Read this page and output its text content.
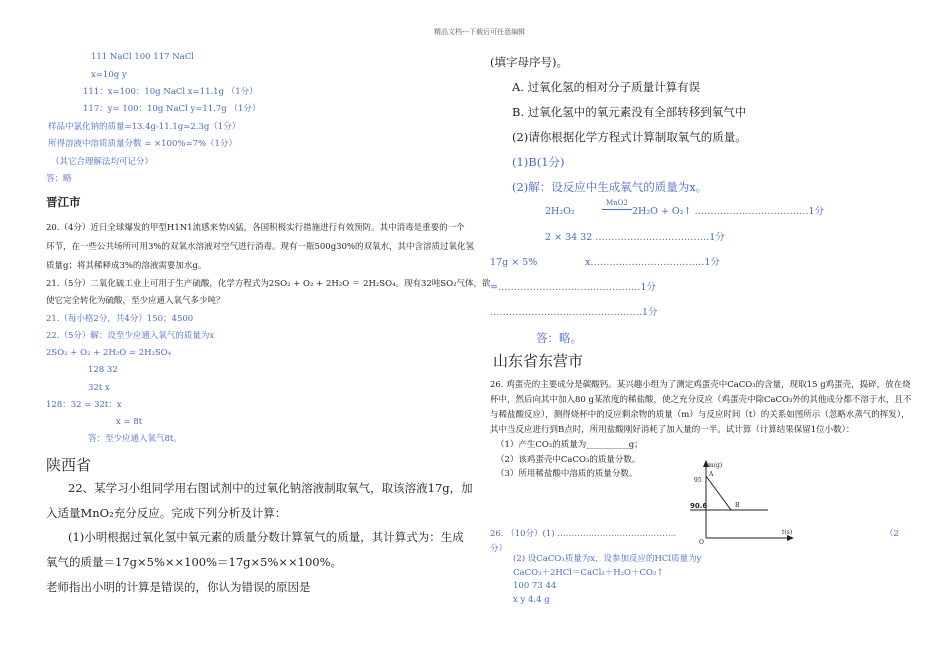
精品文档---下载后可任意编辑
111 NaCl 100 117 NaCl
x=10g y
111：x=100：10g NaCl x=11.1g （1分）
117：y= 100：10g NaCl y=11.7g （1分）
样品中氯化钠的质量=13.4g-11.1g=2.3g（1分）
所得溶液中溶质质量分数 = ×100%=7%（1分）
（其它合理解法均可记分）
答：略
晋江市
20.（4分）近日全球爆发的甲型H1N1流感来势凶猛，各国积极实行措施进行有效预防。其中消毒是重要的一个
环节，在一些公共场所可用3%的双氧水溶液对空气进行消毒。现有一瓶500g30%的双氧水，其中含溶质过氧化氢
质量g；将其稀释成3%的溶液需要加水g。
21.（5分）二氧化硫工业上可用于生产硫酸，化学方程式为2SO₂ + O₂ + 2H₂O ＝ 2H₂SO₄。现有32吨SO₂气体，欲
使它完全转化为硫酸，至少应通入氧气多少吨？
21.（每小格2分，共4分）150；4500
22.（5分）解：设至少应通入氧气的质量为x
2SO₂ + O₂ + 2H₂O = 2H₂SO₄
128 32
32t x
128：32 = 32t：x
x = 8t
答：至少应通入氧气8t。
陕西省
22、某学习小组同学用右图试剂中的过氧化钠溶液制取氧气，取该溶液17g，加
入适量MnO₂充分反应。完成下列分析及计算：
(1)小明根据过氧化氢中氧元素的质量分数计算氧气的质量，其计算式为：生成
氧气的质量＝17g×5%××100%＝17g×5%××100%。
老师指出小明的计算是错误的，你认为错误的原因是
(填字母序号)。
A. 过氧化氢的相对分子质量计算有误
B. 过氧化氢中的氧元素没有全部转移到氧气中
(2)请你根据化学方程式计算制取氧气的质量。
(1)B(1分)
(2)解：设反应中生成氧气的质量为x。
MnO2
2H₂O₂	2H₂O + O₂↑ ………………………………1分
2 × 34 32 ………………………………1分
17g × 5%	x………………………………1分
=………………………………………1分
…………………………………………1分
答：略。
山东省东营市
26. 鸡蛋壳的主要成分是碳酸钙。某兴趣小组为了测定鸡蛋壳中CaCO₃的含量，现取15 g鸡蛋壳，捣碎，放在烧
杯中，然后向其中加入80 g某浓度的稀盐酸，使之充分反应（鸡蛋壳中除CaCO₃外的其他成分都不溶于水，且不
与稀盐酸反应），测得烧杯中的反应剩余物的质量（m）与反应时间（t）的关系如图所示（忽略水蒸气的挥发），
其中当反应进行到B点时，所用盐酸刚好消耗了加入量的一半。试计算（计算结果保留1位小数）：
（1）产生CO₂的质量为__________g；
（2）该鸡蛋壳中CaCO₃的质量分数。
（3）所用稀盐酸中溶质的质量分数。
26. （10分）(1) ……………………………………	（2
分）
(2) 设CaCO₃质量为x，设参加反应的HCl质量为y
CaCO₃＋2HCl＝CaCl₂＋H₂O＋CO₂↑
100 73 44
x y 4.4 g
m(g)
t(s)
O
95
90.6
A
B
